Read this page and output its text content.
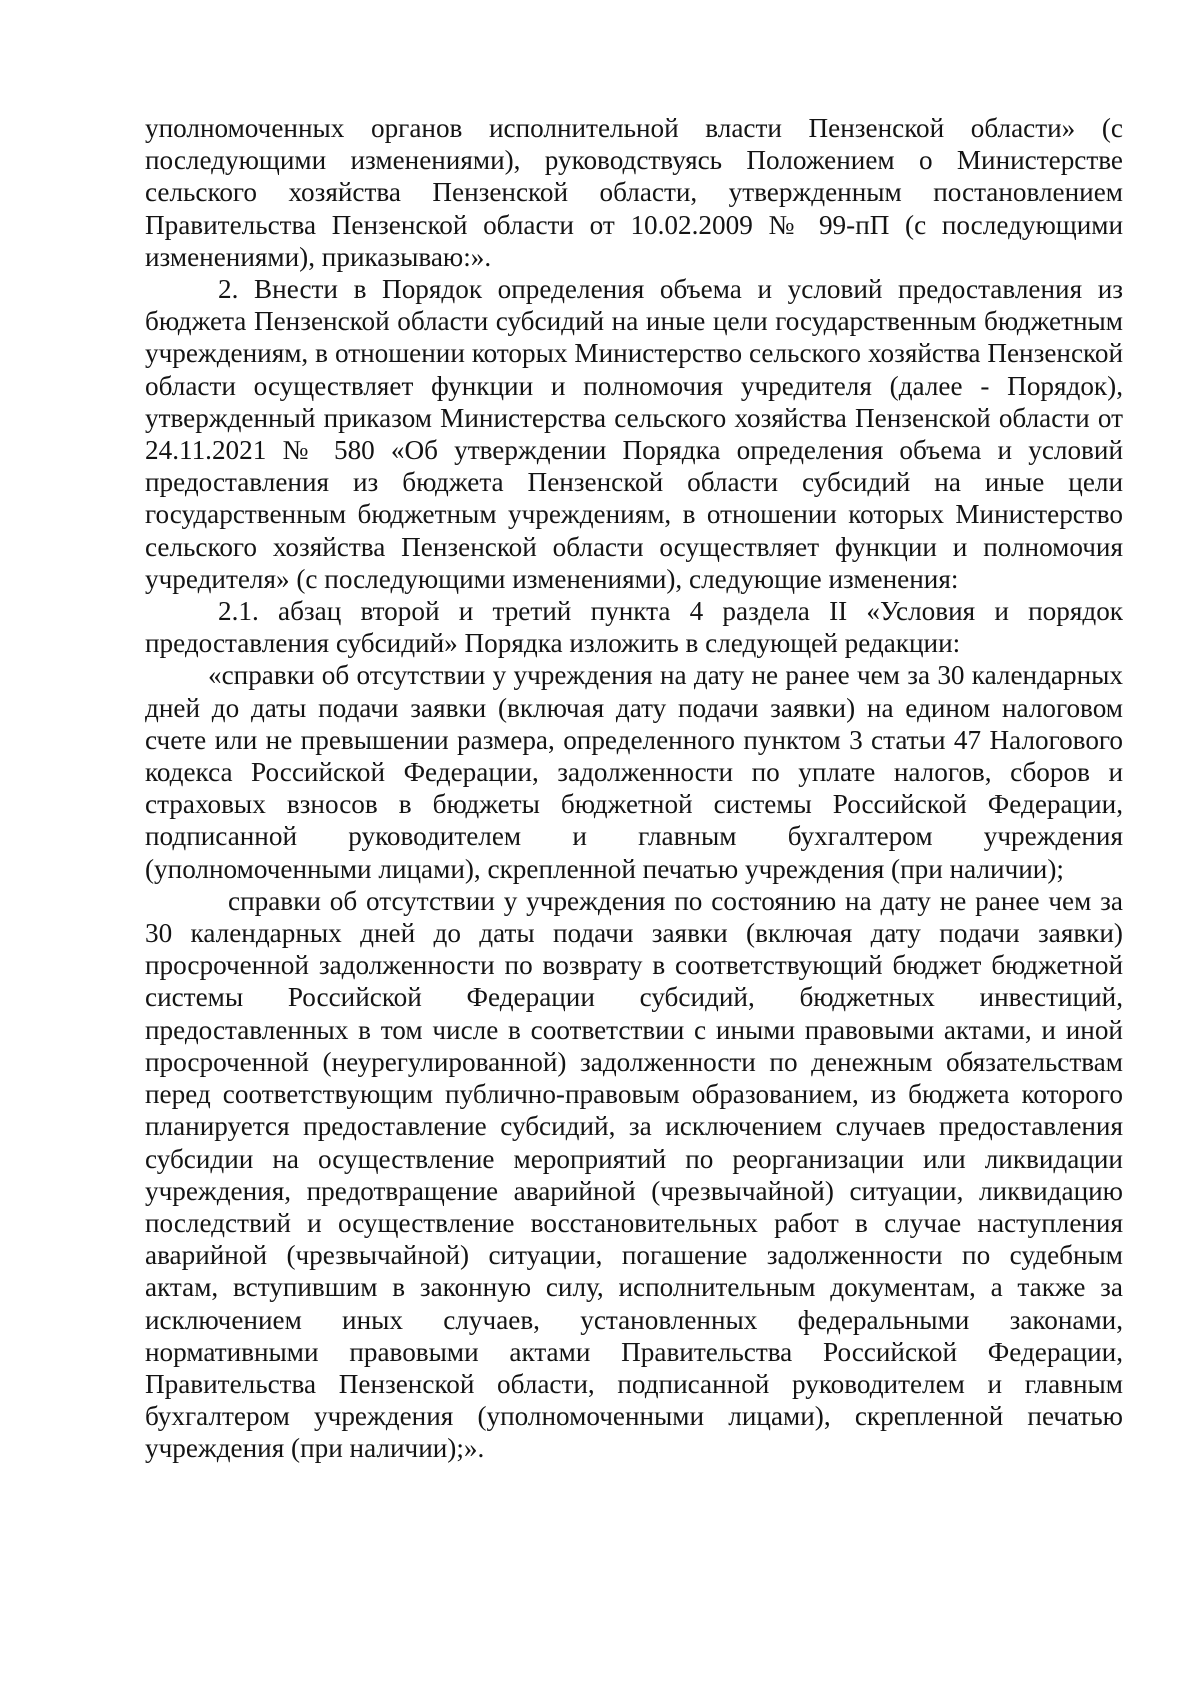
уполномоченных органов исполнительной власти Пензенской области» (с последующими изменениями), руководствуясь Положением о Министерстве сельского хозяйства Пензенской области, утвержденным постановлением Правительства Пензенской области от 10.02.2009 № 99-пП (с последующими изменениями), приказываю:».

2. Внести в Порядок определения объема и условий предоставления из бюджета Пензенской области субсидий на иные цели государственным бюджетным учреждениям, в отношении которых Министерство сельского хозяйства Пензенской области осуществляет функции и полномочия учредителя (далее - Порядок), утвержденный приказом Министерства сельского хозяйства Пензенской области от 24.11.2021 № 580 «Об утверждении Порядка определения объема и условий предоставления из бюджета Пензенской области субсидий на иные цели государственным бюджетным учреждениям, в отношении которых Министерство сельского хозяйства Пензенской области осуществляет функции и полномочия учредителя» (с последующими изменениями), следующие изменения:

2.1. абзац второй и третий пункта 4 раздела II «Условия и порядок предоставления субсидий» Порядка изложить в следующей редакции:

«справки об отсутствии у учреждения на дату не ранее чем за 30 календарных дней до даты подачи заявки (включая дату подачи заявки) на едином налоговом счете или не превышении размера, определенного пунктом 3 статьи 47 Налогового кодекса Российской Федерации, задолженности по уплате налогов, сборов и страховых взносов в бюджеты бюджетной системы Российской Федерации, подписанной руководителем и главным бухгалтером учреждения (уполномоченными лицами), скрепленной печатью учреждения (при наличии);

справки об отсутствии у учреждения по состоянию на дату не ранее чем за 30 календарных дней до даты подачи заявки (включая дату подачи заявки) просроченной задолженности по возврату в соответствующий бюджет бюджетной системы Российской Федерации субсидий, бюджетных инвестиций, предоставленных в том числе в соответствии с иными правовыми актами, и иной просроченной (неурегулированной) задолженности по денежным обязательствам перед соответствующим публично-правовым образованием, из бюджета которого планируется предоставление субсидий, за исключением случаев предоставления субсидии на осуществление мероприятий по реорганизации или ликвидации учреждения, предотвращение аварийной (чрезвычайной) ситуации, ликвидацию последствий и осуществление восстановительных работ в случае наступления аварийной (чрезвычайной) ситуации, погашение задолженности по судебным актам, вступившим в законную силу, исполнительным документам, а также за исключением иных случаев, установленных федеральными законами, нормативными правовыми актами Правительства Российской Федерации, Правительства Пензенской области, подписанной руководителем и главным бухгалтером учреждения (уполномоченными лицами), скрепленной печатью учреждения (при наличии);».
